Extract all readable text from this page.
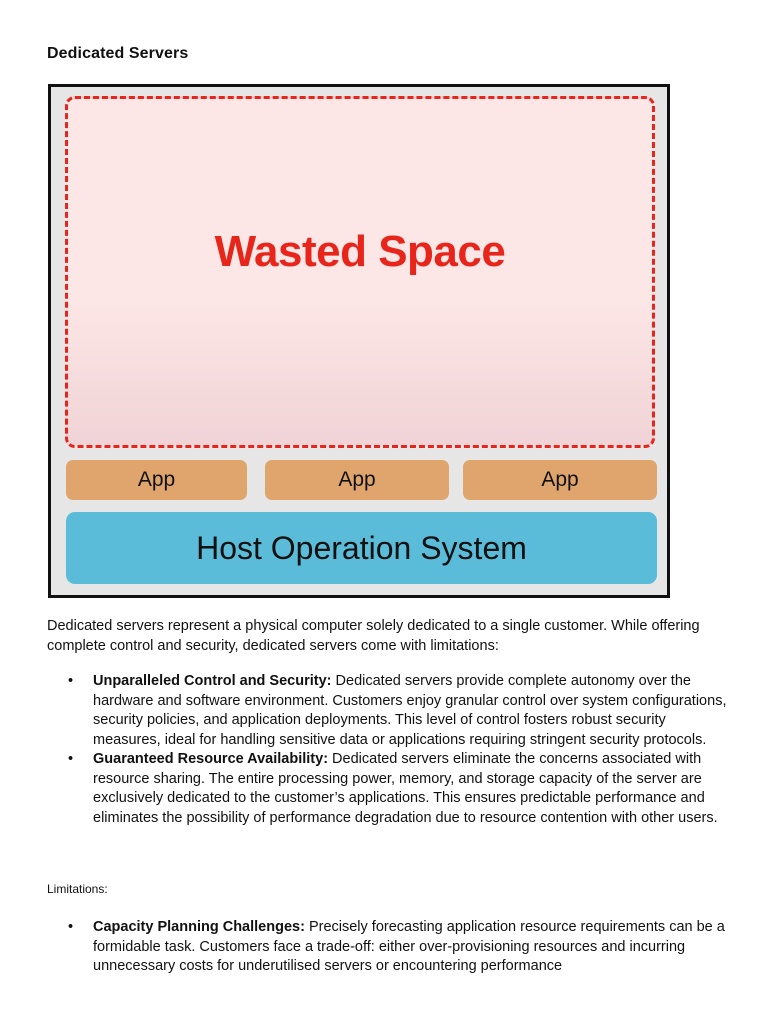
Dedicated Servers
Wasted Space
App	App	App
Host Operation System
Dedicated servers represent a physical computer solely dedicated to a single customer. While offering complete control and security, dedicated servers come with limitations:
• Unparalleled Control and Security: Dedicated servers provide complete autonomy over the hardware and software environment. Customers enjoy granular control over system configurations, security policies, and application deployments. This level of control fosters robust security measures, ideal for handling sensitive data or applications requiring stringent security protocols.
• Guaranteed Resource Availability: Dedicated servers eliminate the concerns associated with resource sharing. The entire processing power, memory, and storage capacity of the server are exclusively dedicated to the customer’s applications. This ensures predictable performance and eliminates the possibility of performance degradation due to resource contention with other users.
Limitations:
• Capacity Planning Challenges: Precisely forecasting application resource requirements can be a formidable task. Customers face a trade-off: either over-provisioning resources and incurring unnecessary costs for underutilised servers or encountering performance
